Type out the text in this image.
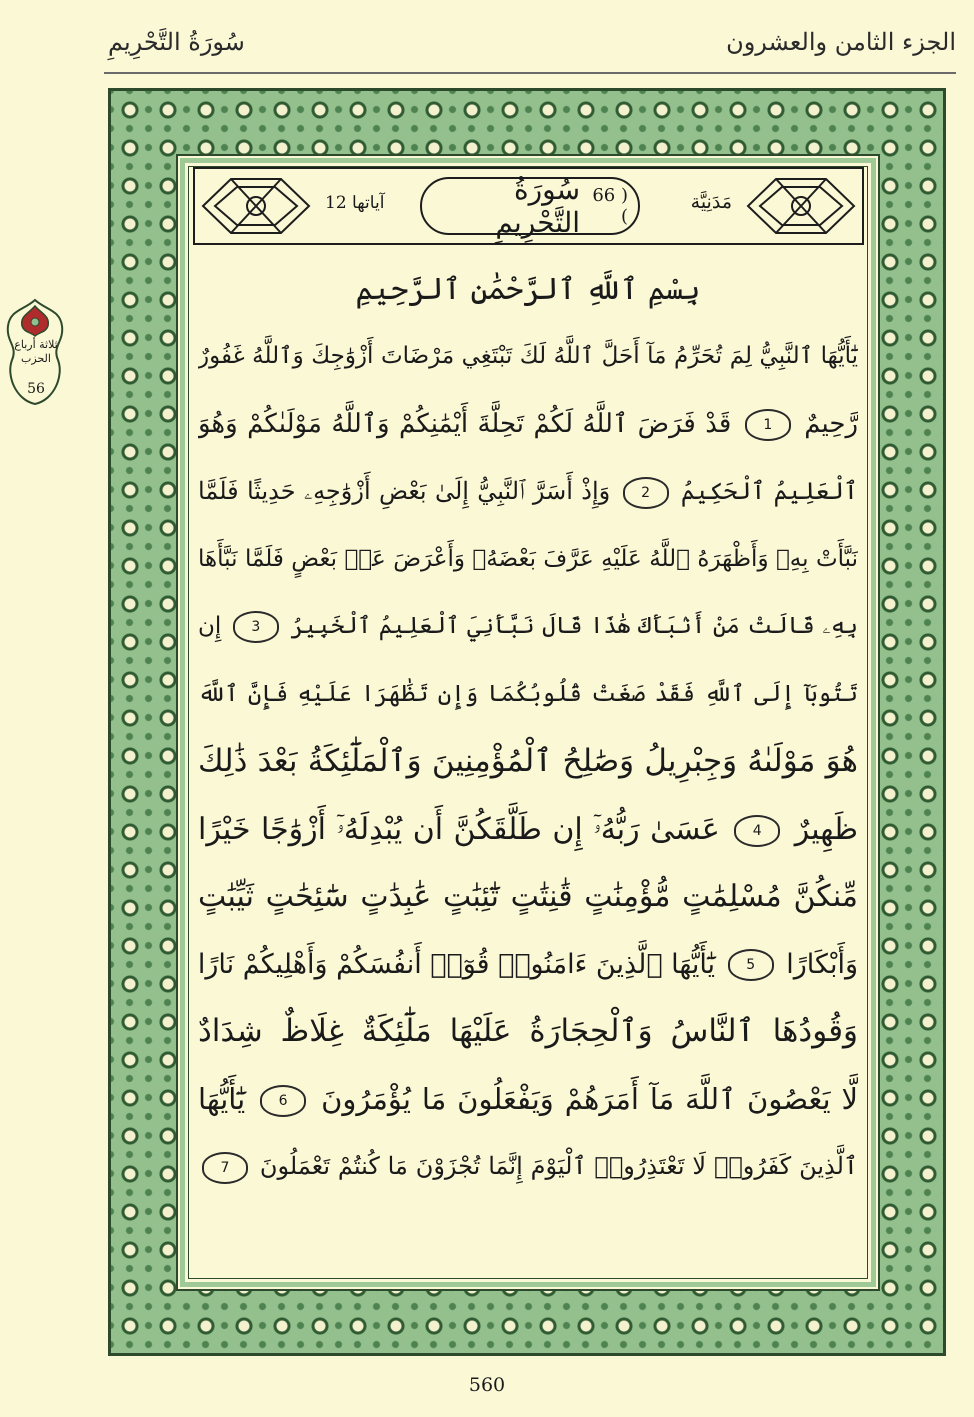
سُورَةُ التَّحْرِيمِ	الجزء الثامن والعشرون
آياتها 12	( 66 )
سُورَةُ التَّحْرِيمِ
مَدَنِيَّة
بِسْمِ ٱللَّهِ ٱلرَّحْمَٰنِ ٱلرَّحِيمِ
يَٰٓأَيُّهَا ٱلنَّبِيُّ لِمَ تُحَرِّمُ مَآ أَحَلَّ ٱللَّهُ لَكَ تَبْتَغِي مَرْضَاتَ أَزْوَٰجِكَ وَٱللَّهُ غَفُورٌ
رَّحِيمٌ 1 قَدْ فَرَضَ ٱللَّهُ لَكُمْ تَحِلَّةَ أَيْمَٰنِكُمْ وَٱللَّهُ مَوْلَىٰكُمْ وَهُوَ
ٱلْعَلِيمُ ٱلْحَكِيمُ 2 وَإِذْ أَسَرَّ ٱلنَّبِيُّ إِلَىٰ بَعْضِ أَزْوَٰجِهِۦ حَدِيثًا فَلَمَّا
نَبَّأَتْ بِهِۦ وَأَظْهَرَهُ ٱللَّهُ عَلَيْهِ عَرَّفَ بَعْضَهُۥ وَأَعْرَضَ عَنۢ بَعْضٍ فَلَمَّا نَبَّأَهَا
بِهِۦ قَالَتْ مَنْ أَنۢبَأَكَ هَٰذَا قَالَ نَبَّأَنِيَ ٱلْعَلِيمُ ٱلْخَبِيرُ 3 إِن
تَتُوبَآ إِلَى ٱللَّهِ فَقَدْ صَغَتْ قُلُوبُكُمَا وَإِن تَظَٰهَرَا عَلَيْهِ فَإِنَّ ٱللَّهَ
هُوَ مَوْلَىٰهُ وَجِبْرِيلُ وَصَٰلِحُ ٱلْمُؤْمِنِينَ وَٱلْمَلَٰٓئِكَةُ بَعْدَ ذَٰلِكَ
ظَهِيرٌ 4 عَسَىٰ رَبُّهُۥٓ إِن طَلَّقَكُنَّ أَن يُبْدِلَهُۥٓ أَزْوَٰجًا خَيْرًا
مِّنكُنَّ مُسْلِمَٰتٍ مُّؤْمِنَٰتٍ قَٰنِتَٰتٍ تَٰٓئِبَٰتٍ عَٰبِدَٰتٍ سَٰٓئِحَٰتٍ ثَيِّبَٰتٍ
وَأَبْكَارًا 5 يَٰٓأَيُّهَا ٱلَّذِينَ ءَامَنُوا۟ قُوٓا۟ أَنفُسَكُمْ وَأَهْلِيكُمْ نَارًا
وَقُودُهَا ٱلنَّاسُ وَٱلْحِجَارَةُ عَلَيْهَا مَلَٰٓئِكَةٌ غِلَاظٌ شِدَادٌ
لَّا يَعْصُونَ ٱللَّهَ مَآ أَمَرَهُمْ وَيَفْعَلُونَ مَا يُؤْمَرُونَ 6 يَٰٓأَيُّهَا
ٱلَّذِينَ كَفَرُوا۟ لَا تَعْتَذِرُوا۟ ٱلْيَوْمَ إِنَّمَا تُجْزَوْنَ مَا كُنتُمْ تَعْمَلُونَ 7
ثلاثة أرباع الحزب
56
560
